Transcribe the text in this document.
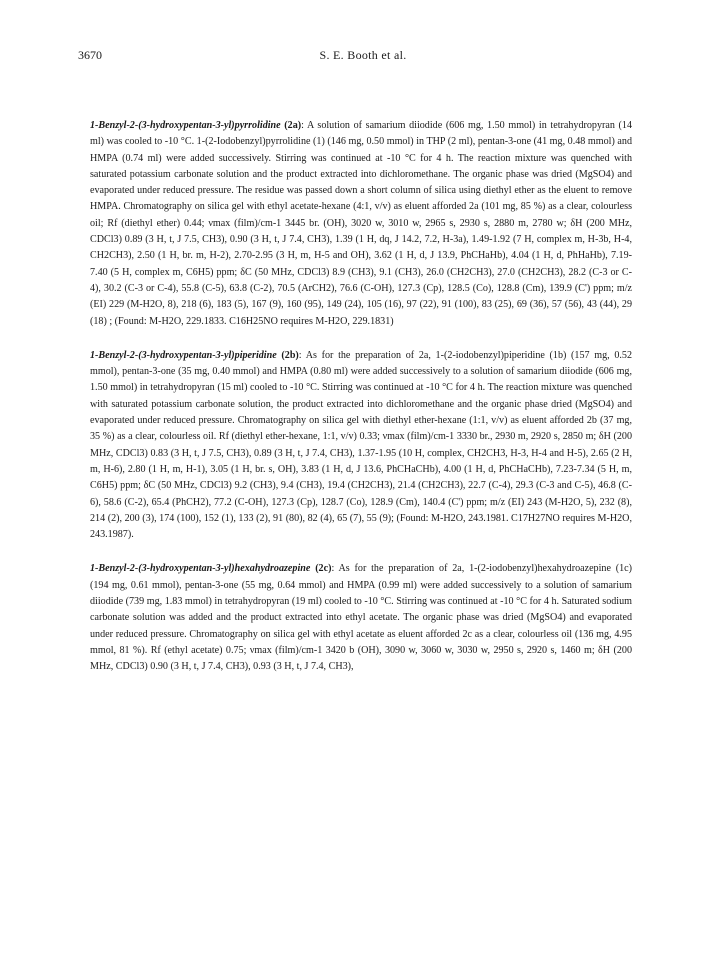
3670	S. E. Booth et al.

1-Benzyl-2-(3-hydroxypentan-3-yl)pyrrolidine (2a): A solution of samarium diiodide (606 mg, 1.50 mmol) in tetrahydropyran (14 ml) was cooled to -10 °C. 1-(2-Iodobenzyl)pyrrolidine (1) (146 mg, 0.50 mmol) in THP (2 ml), pentan-3-one (41 mg, 0.48 mmol) and HMPA (0.74 ml) were added successively. Stirring was continued at -10 °C for 4 h. The reaction mixture was quenched with saturated potassium carbonate solution and the product extracted into dichloromethane. The organic phase was dried (MgSO4) and evaporated under reduced pressure. The residue was passed down a short column of silica using diethyl ether as the eluent to remove HMPA. Chromatography on silica gel with ethyl acetate-hexane (4:1, v/v) as eluent afforded 2a (101 mg, 85 %) as a clear, colourless oil; Rf (diethyl ether) 0.44; νmax (film)/cm-1 3445 br. (OH), 3020 w, 3010 w, 2965 s, 2930 s, 2880 m, 2780 w; δH (200 MHz, CDCl3) 0.89 (3 H, t, J 7.5, CH3), 0.90 (3 H, t, J 7.4, CH3), 1.39 (1 H, dq, J 14.2, 7.2, H-3a), 1.49-1.92 (7 H, complex m, H-3b, H-4, CH2CH3), 2.50 (1 H, br. m, H-2), 2.70-2.95 (3 H, m, H-5 and OH), 3.62 (1 H, d, J 13.9, PhCHaHb), 4.04 (1 H, d, PhHaHb), 7.19-7.40 (5 H, complex m, C6H5) ppm; δC (50 MHz, CDCl3) 8.9 (CH3), 9.1 (CH3), 26.0 (CH2CH3), 27.0 (CH2CH3), 28.2 (C-3 or C-4), 30.2 (C-3 or C-4), 55.8 (C-5), 63.8 (C-2), 70.5 (ArCH2), 76.6 (C-OH), 127.3 (Cp), 128.5 (Co), 128.8 (Cm), 139.9 (C') ppm; m/z (EI) 229 (M-H2O, 8), 218 (6), 183 (5), 167 (9), 160 (95), 149 (24), 105 (16), 97 (22), 91 (100), 83 (25), 69 (36), 57 (56), 43 (44), 29 (18) ; (Found: M-H2O, 229.1833. C16H25NO requires M-H2O, 229.1831)

1-Benzyl-2-(3-hydroxypentan-3-yl)piperidine (2b): As for the preparation of 2a, 1-(2-iodobenzyl)piperidine (1b) (157 mg, 0.52 mmol), pentan-3-one (35 mg, 0.40 mmol) and HMPA (0.80 ml) were added successively to a solution of samarium diiodide (606 mg, 1.50 mmol) in tetrahydropyran (15 ml) cooled to -10 °C. Stirring was continued at -10 °C for 4 h. The reaction mixture was quenched with saturated potassium carbonate solution, the product extracted into dichloromethane and the organic phase dried (MgSO4) and evaporated under reduced pressure. Chromatography on silica gel with diethyl ether-hexane (1:1, v/v) as eluent afforded 2b (37 mg, 35 %) as a clear, colourless oil. Rf (diethyl ether-hexane, 1:1, v/v) 0.33; νmax (film)/cm-1 3330 br., 2930 m, 2920 s, 2850 m; δH (200 MHz, CDCl3) 0.83 (3 H, t, J 7.5, CH3), 0.89 (3 H, t, J 7.4, CH3), 1.37-1.95 (10 H, complex, CH2CH3, H-3, H-4 and H-5), 2.65 (2 H, m, H-6), 2.80 (1 H, m, H-1), 3.05 (1 H, br. s, OH), 3.83 (1 H, d, J 13.6, PhCHaCHb), 4.00 (1 H, d, PhCHaCHb), 7.23-7.34 (5 H, m, C6H5) ppm; δC (50 MHz, CDCl3) 9.2 (CH3), 9.4 (CH3), 19.4 (CH2CH3), 21.4 (CH2CH3), 22.7 (C-4), 29.3 (C-3 and C-5), 46.8 (C-6), 58.6 (C-2), 65.4 (PhCH2), 77.2 (C-OH), 127.3 (Cp), 128.7 (Co), 128.9 (Cm), 140.4 (C') ppm; m/z (EI) 243 (M-H2O, 5), 232 (8), 214 (2), 200 (3), 174 (100), 152 (1), 133 (2), 91 (80), 82 (4), 65 (7), 55 (9); (Found: M-H2O, 243.1981. C17H27NO requires M-H2O, 243.1987).

1-Benzyl-2-(3-hydroxypentan-3-yl)hexahydroazepine (2c): As for the preparation of 2a, 1-(2-iodobenzyl)hexahydroazepine (1c) (194 mg, 0.61 mmol), pentan-3-one (55 mg, 0.64 mmol) and HMPA (0.99 ml) were added successively to a solution of samarium diiodide (739 mg, 1.83 mmol) in tetrahydropyran (19 ml) cooled to -10 °C. Stirring was continued at -10 °C for 4 h. Saturated sodium carbonate solution was added and the product extracted into ethyl acetate. The organic phase was dried (MgSO4) and evaporated under reduced pressure. Chromatography on silica gel with ethyl acetate as eluent afforded 2c as a clear, colourless oil (136 mg, 4.95 mmol, 81 %). Rf (ethyl acetate) 0.75; νmax (film)/cm-1 3420 b (OH), 3090 w, 3060 w, 3030 w, 2950 s, 2920 s, 1460 m; δH (200 MHz, CDCl3) 0.90 (3 H, t, J 7.4, CH3), 0.93 (3 H, t, J 7.4, CH3),
